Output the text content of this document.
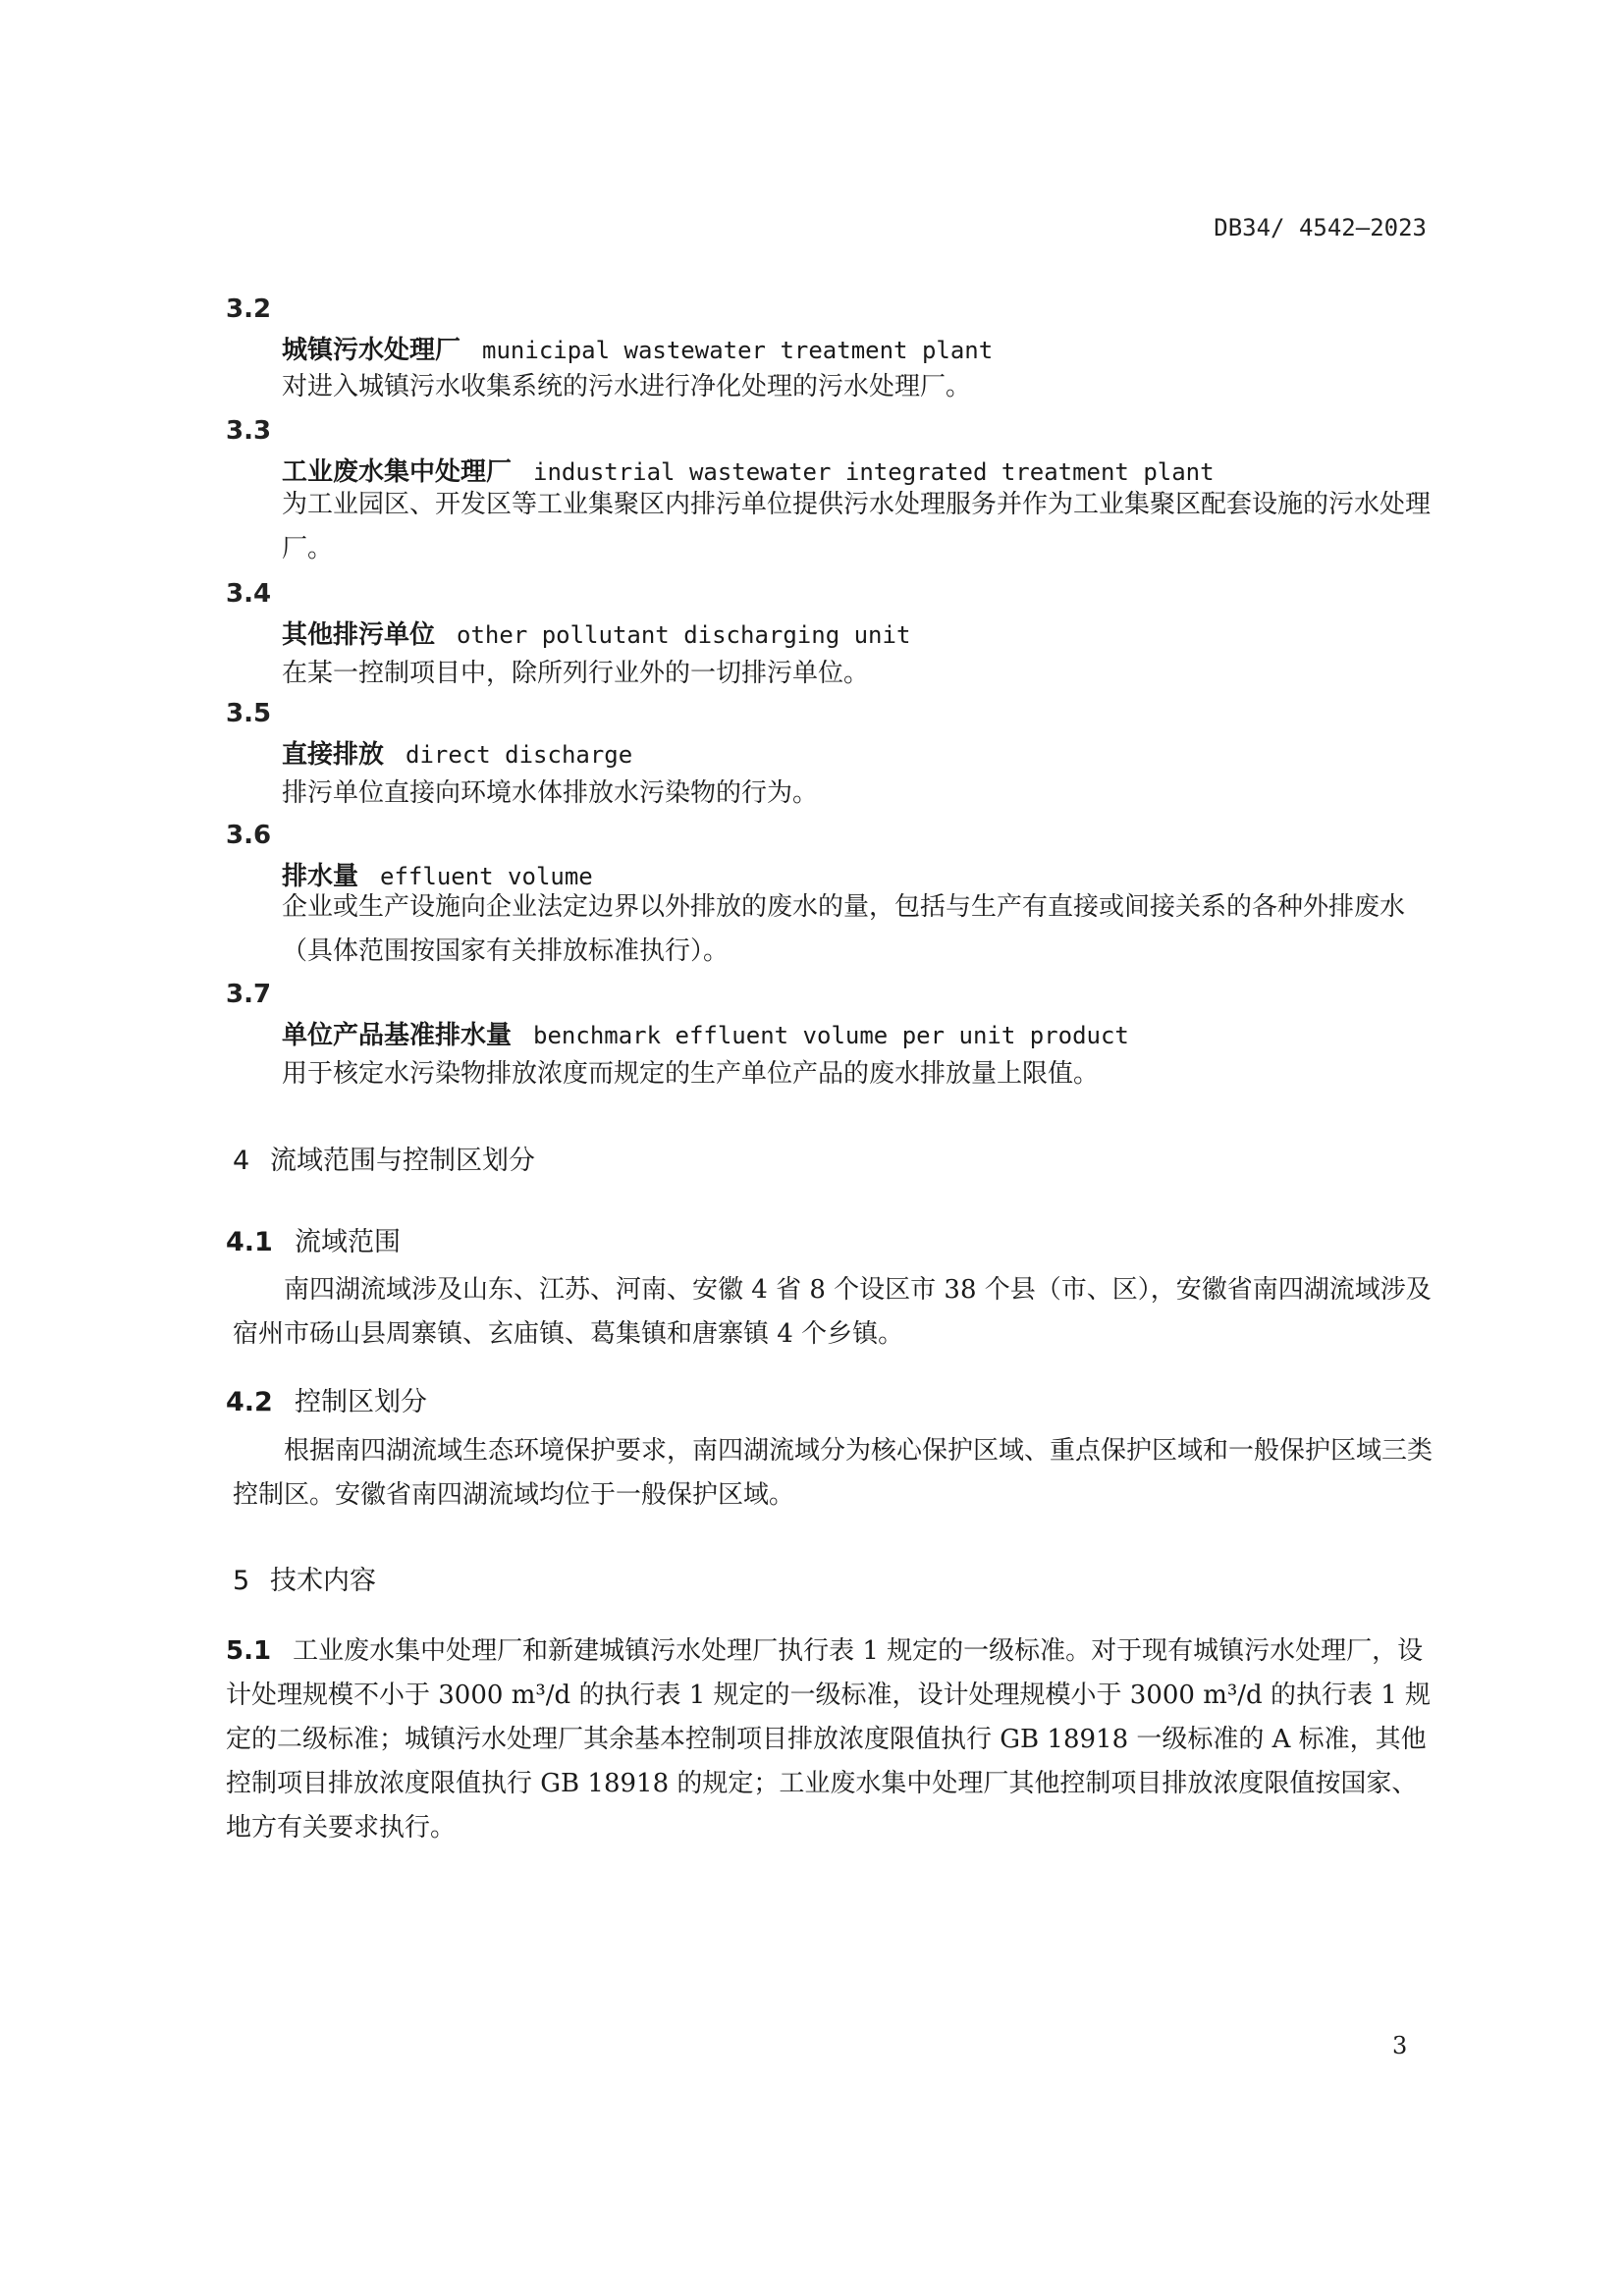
DB34/ 4542—2023
3.2
城镇污水处理厂 municipal wastewater treatment plant
对进入城镇污水收集系统的污水进行净化处理的污水处理厂。
3.3
工业废水集中处理厂 industrial wastewater integrated treatment plant
为工业园区、开发区等工业集聚区内排污单位提供污水处理服务并作为工业集聚区配套设施的污水处理厂。
3.4
其他排污单位 other pollutant discharging unit
在某一控制项目中，除所列行业外的一切排污单位。
3.5
直接排放 direct discharge
排污单位直接向环境水体排放水污染物的行为。
3.6
排水量 effluent volume
企业或生产设施向企业法定边界以外排放的废水的量，包括与生产有直接或间接关系的各种外排废水（具体范围按国家有关排放标准执行）。
3.7
单位产品基准排水量 benchmark effluent volume per unit product
用于核定水污染物排放浓度而规定的生产单位产品的废水排放量上限值。
4 流域范围与控制区划分
4.1 流域范围
南四湖流域涉及山东、江苏、河南、安徽 4 省 8 个设区市 38 个县（市、区），安徽省南四湖流域涉及宿州市砀山县周寨镇、玄庙镇、葛集镇和唐寨镇 4 个乡镇。
4.2 控制区划分
根据南四湖流域生态环境保护要求，南四湖流域分为核心保护区域、重点保护区域和一般保护区域三类控制区。安徽省南四湖流域均位于一般保护区域。
5 技术内容
5.1 工业废水集中处理厂和新建城镇污水处理厂执行表 1 规定的一级标准。对于现有城镇污水处理厂，设计处理规模不小于 3000 m³/d 的执行表 1 规定的一级标准，设计处理规模小于 3000 m³/d 的执行表 1 规定的二级标准；城镇污水处理厂其余基本控制项目排放浓度限值执行 GB 18918 一级标准的 A 标准，其他控制项目排放浓度限值执行 GB 18918 的规定；工业废水集中处理厂其他控制项目排放浓度限值按国家、地方有关要求执行。
3
